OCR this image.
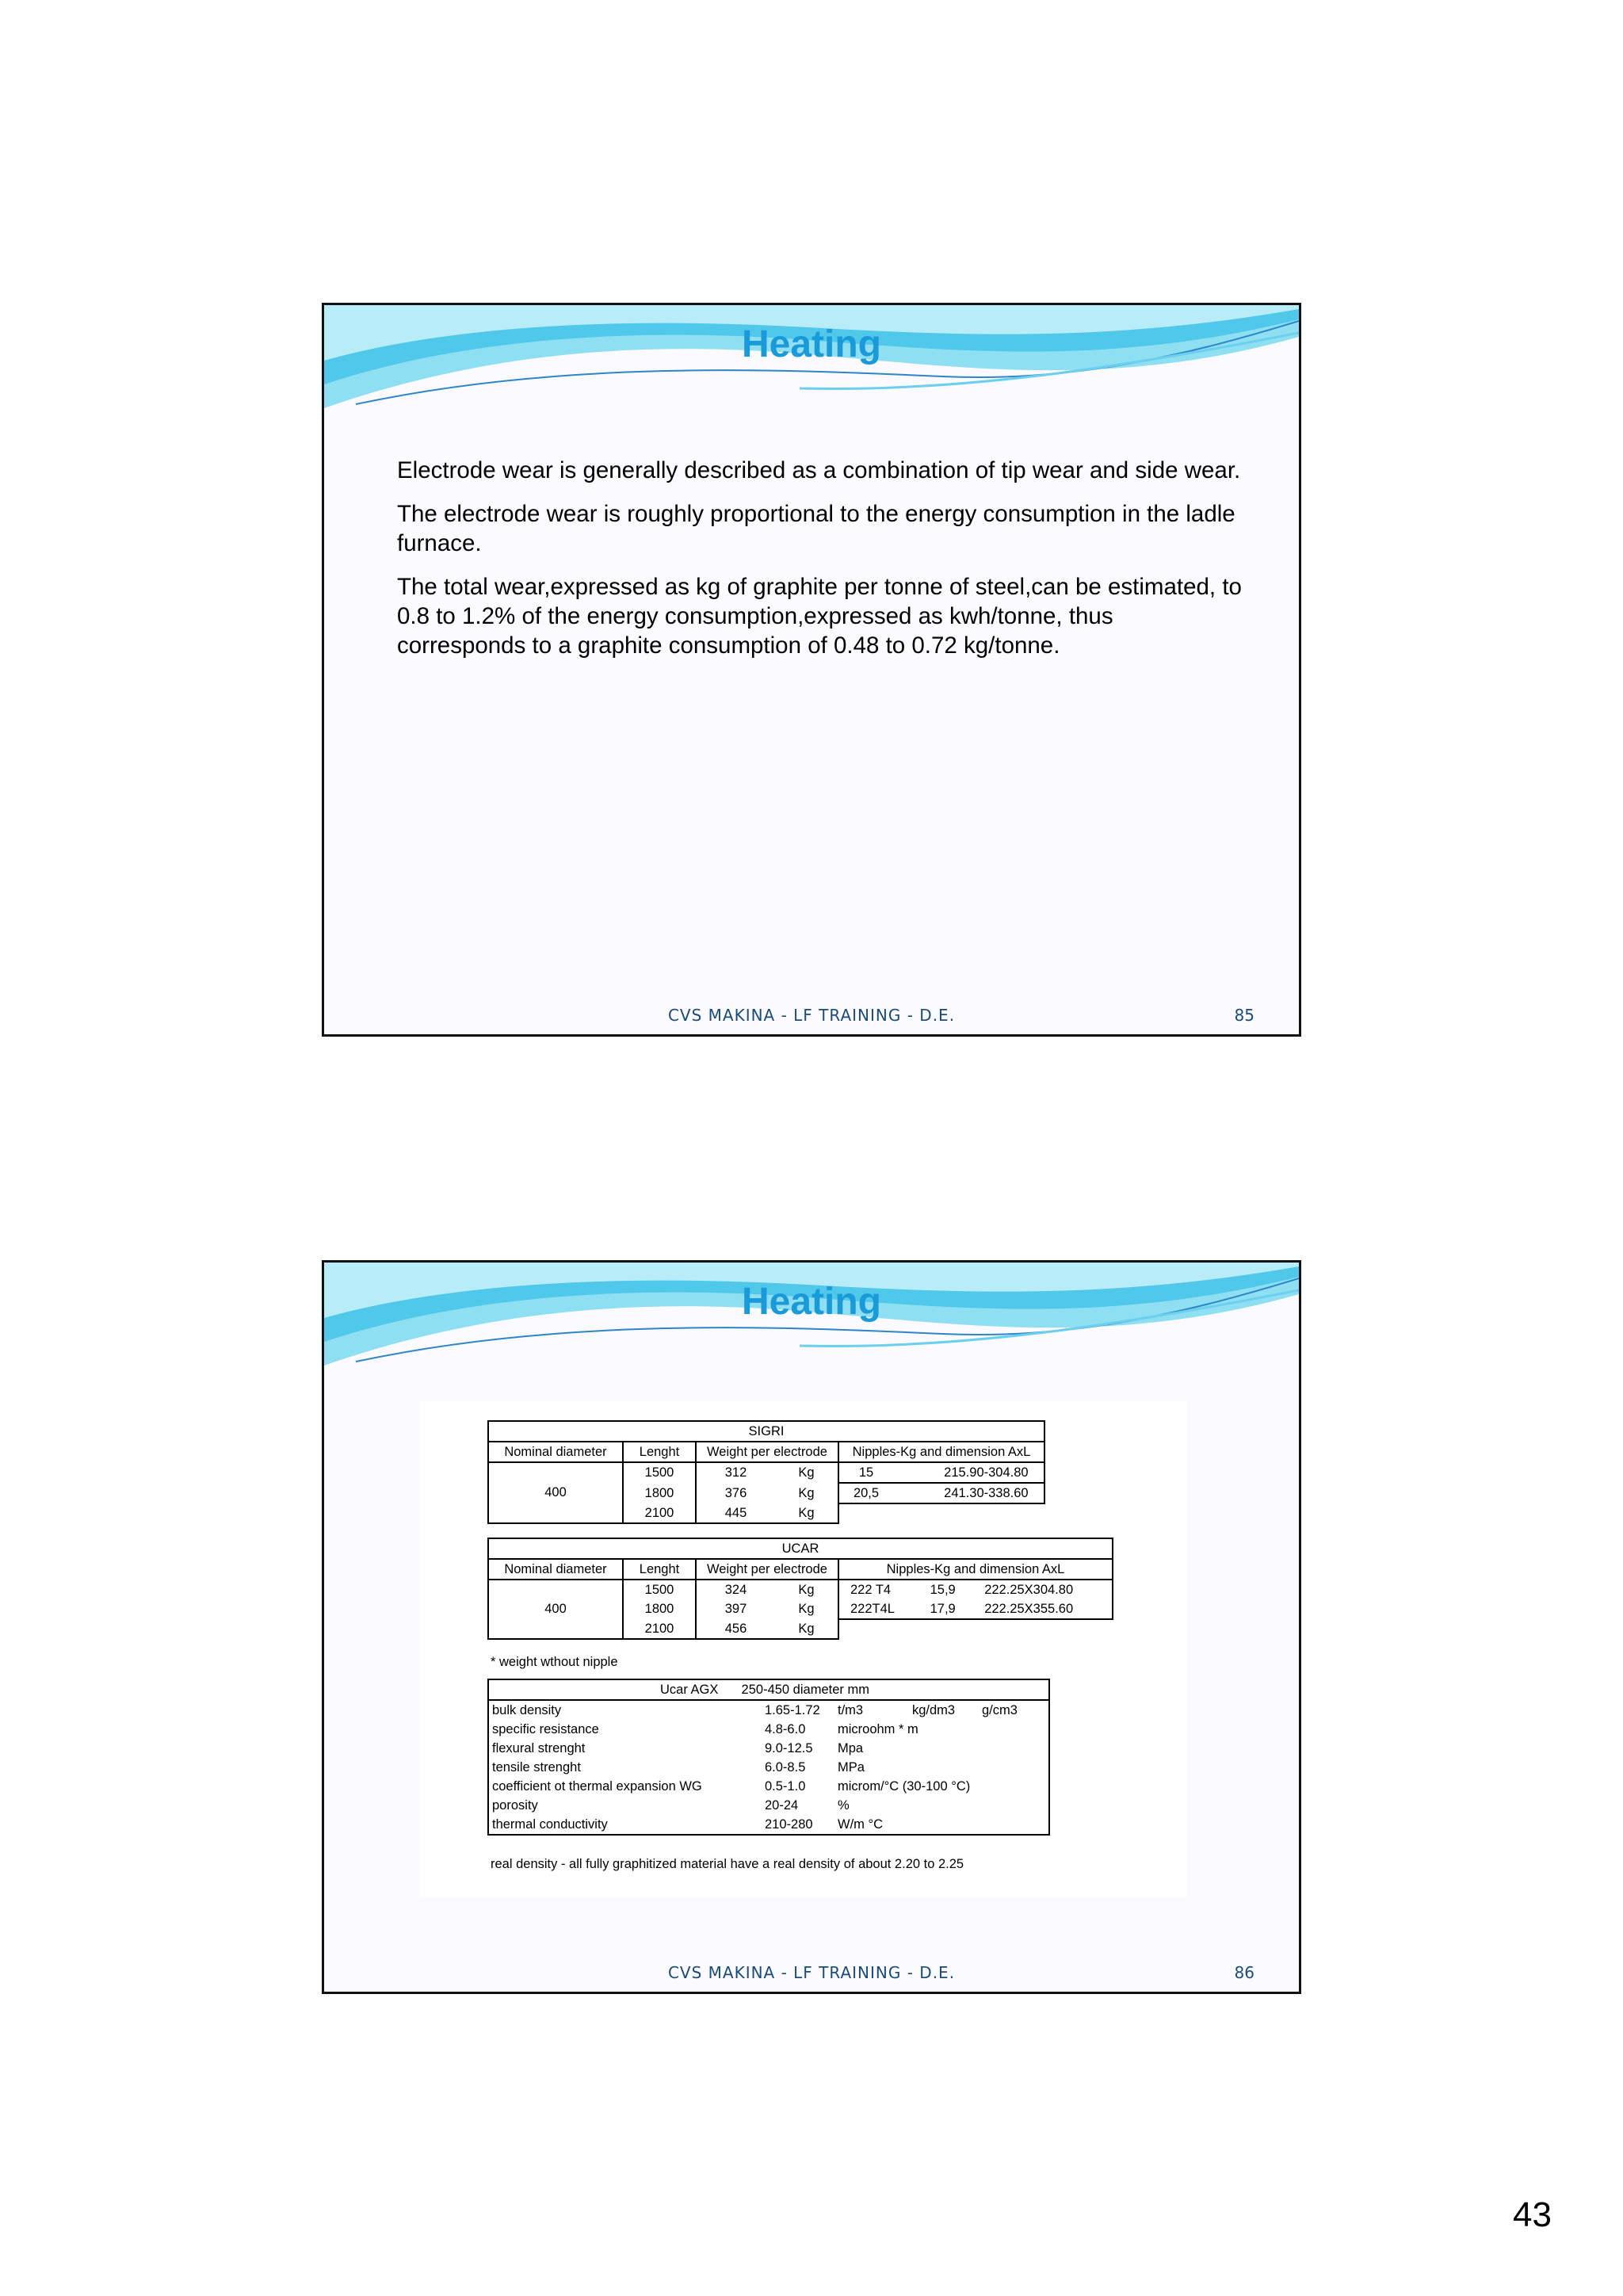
Heating

Electrode wear is generally described as a combination of tip wear and side wear.

The electrode wear is roughly proportional to the energy consumption in the ladle furnace.

The total wear,expressed as kg of graphite per tonne of steel,can be estimated, to 0.8 to 1.2% of the energy consumption,expressed as kwh/tonne, thus corresponds to a graphite consumption of 0.48 to 0.72 kg/tonne.

CVS MAKINA - LF TRAINING - D.E.	85
Heating
SIGRI				
Nominal diameter	Lenght	Weight per electrode		Nipples-Kg and dimension AxL
400	1500	312	Kg	15 215.90-304.80
	1800	376	Kg	20,5 241.30-338.60
	2100	445	Kg	
UCAR				
Nominal diameter	Lenght	Weight per electrode		Nipples-Kg and dimension AxL
400	1500	324	Kg	222 T4 15,9 222.25X304.80
	1800	397	Kg	222T4L 17,9 222.25X355.60
	2100	456	Kg	
* weight wthout nipple
Ucar AGX 250-450 diameter mm				
bulk density	1.65-1.72	t/m3	kg/dm3	g/cm3
specific resistance	4.8-6.0	microohm * m		
flexural strenght	9.0-12.5	Mpa		
tensile strenght	6.0-8.5	MPa		
coefficient ot thermal expansion WG	0.5-1.0	microm/°C (30-100 °C)		
porosity	20-24	%		
thermal conductivity	210-280	W/m °C		
real density - all fully graphitized material have a real density of about 2.20 to 2.25
CVS MAKINA - LF TRAINING - D.E.	86
43
